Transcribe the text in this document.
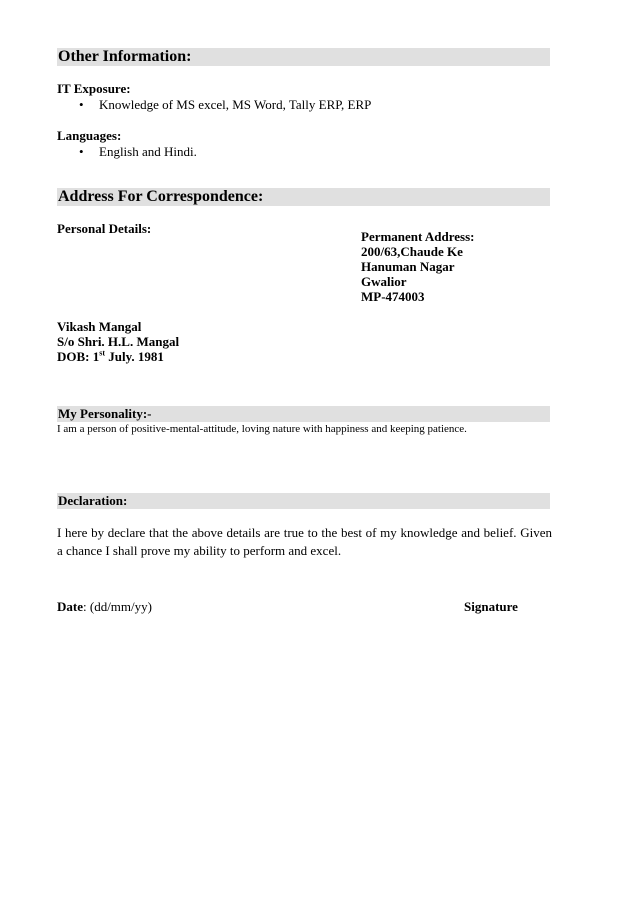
Other Information:
IT Exposure:
• Knowledge of MS excel, MS Word, Tally ERP, ERP
Languages:
• English and Hindi.
Address For Correspondence:
Personal Details:
Permanent Address:
200/63,Chaude Ke
Hanuman Nagar
Gwalior
MP-474003
Vikash Mangal
S/o Shri. H.L. Mangal
DOB: 1st July. 1981
My Personality:-
I am a person of positive-mental-attitude, loving nature with happiness and keeping patience.
Declaration:
I here by declare that the above details are true to the best of my knowledge and belief. Given a chance I shall prove my ability to perform and excel.
Date: (dd/mm/yy)	Signature
